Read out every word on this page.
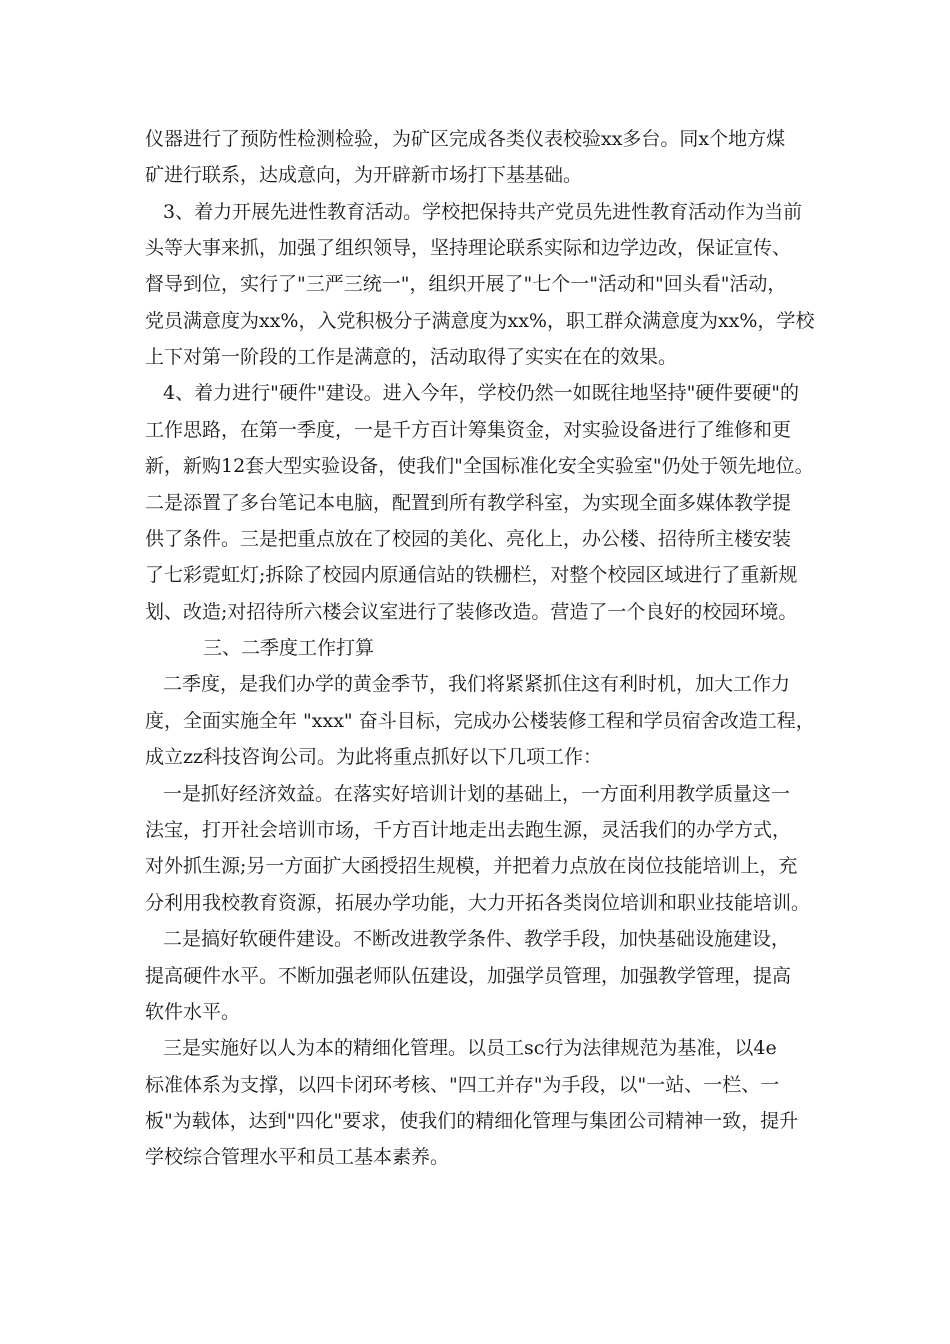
仪器进行了预防性检测检验，为矿区完成各类仪表校验xx多台。同x个地方煤
矿进行联系，达成意向，为开辟新市场打下基基础。
3、着力开展先进性教育活动。学校把保持共产党员先进性教育活动作为当前
头等大事来抓，加强了组织领导，坚持理论联系实际和边学边改，保证宣传、
督导到位，实行了"三严三统一"，组织开展了"七个一"活动和"回头看"活动，
党员满意度为xx%，入党积极分子满意度为xx%，职工群众满意度为xx%，学校
上下对第一阶段的工作是满意的，活动取得了实实在在的效果。
4、着力进行"硬件"建设。进入今年，学校仍然一如既往地坚持"硬件要硬"的
工作思路，在第一季度，一是千方百计筹集资金，对实验设备进行了维修和更
新，新购12套大型实验设备，使我们"全国标准化安全实验室"仍处于领先地位。
二是添置了多台笔记本电脑，配置到所有教学科室，为实现全面多媒体教学提
供了条件。三是把重点放在了校园的美化、亮化上，办公楼、招待所主楼安装
了七彩霓虹灯;拆除了校园内原通信站的铁栅栏，对整个校园区域进行了重新规
划、改造;对招待所六楼会议室进行了装修改造。营造了一个良好的校园环境。
三、二季度工作打算
二季度，是我们办学的黄金季节，我们将紧紧抓住这有利时机，加大工作力
度，全面实施全年 "xxx" 奋斗目标，完成办公楼装修工程和学员宿舍改造工程，
成立zz科技咨询公司。为此将重点抓好以下几项工作：
一是抓好经济效益。在落实好培训计划的基础上，一方面利用教学质量这一
法宝，打开社会培训市场，千方百计地走出去跑生源，灵活我们的办学方式，
对外抓生源;另一方面扩大函授招生规模，并把着力点放在岗位技能培训上，充
分利用我校教育资源，拓展办学功能，大力开拓各类岗位培训和职业技能培训。
二是搞好软硬件建设。不断改进教学条件、教学手段，加快基础设施建设，
提高硬件水平。不断加强老师队伍建设，加强学员管理，加强教学管理，提高
软件水平。
三是实施好以人为本的精细化管理。以员工sc行为法律规范为基准，以4e
标准体系为支撑，以四卡闭环考核、"四工并存"为手段，以"一站、一栏、一
板"为载体，达到"四化"要求，使我们的精细化管理与集团公司精神一致，提升
学校综合管理水平和员工基本素养。
